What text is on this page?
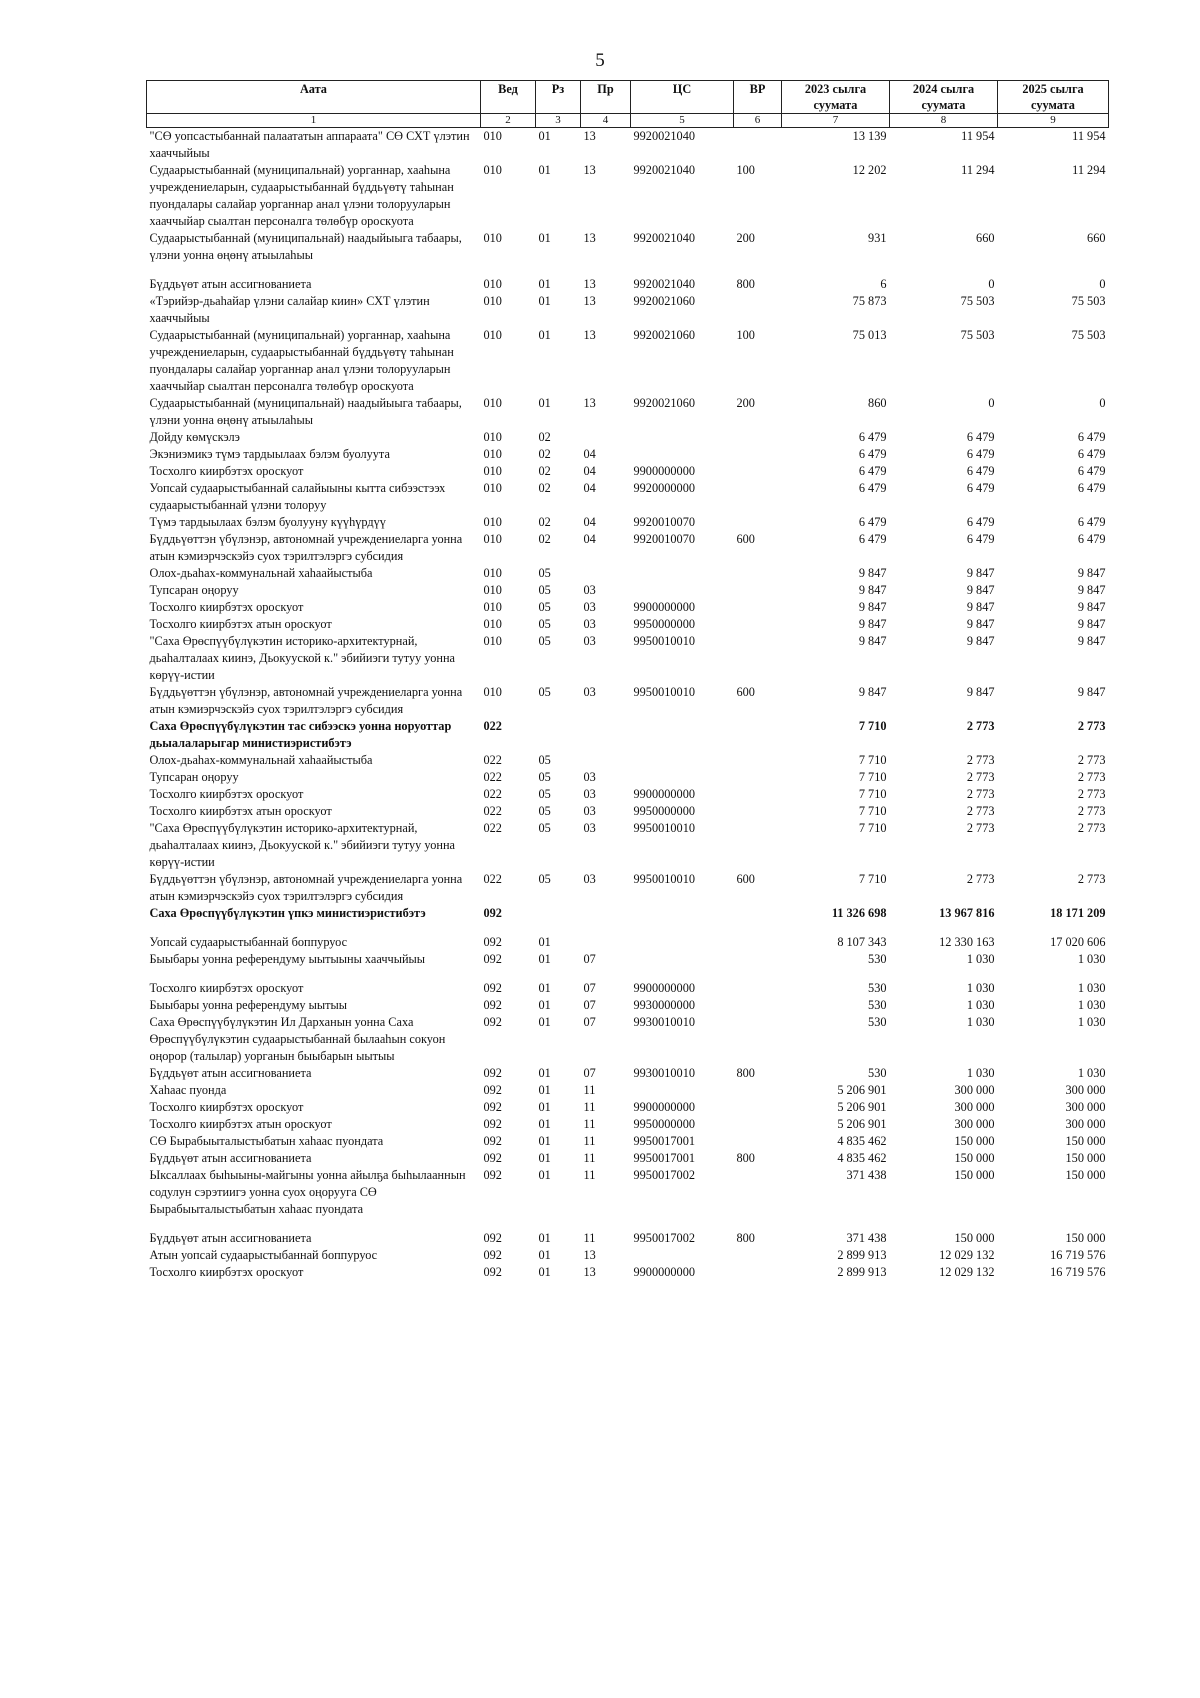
5
Аата	Вед	Рз	Пр	ЦС	ВР	2023 сылга суумата	2024 сылга суумата	2025 сылга суумата
1	2	3	4	5	6	7	8	9
"СӨ уопсастыбаннай палаататын аппараата" СӨ СХТ үлэтин хааччыйыы	010	01	13	9920021040		13 139	11 954	11 954
Судаарыстыбаннай (муниципальнай) уорганнар, хааһына учреждениеларын, судаарыстыбаннай бүддьүөтү таһынан пуондалары салайар уорганнар анал үлэни толорууларын хааччыйар сыалтан персоналга төлөбүр ороскуота	010	01	13	9920021040	100	12 202	11 294	11 294
Судаарыстыбаннай (муниципальнай) наадыйыыга табаары, үлэни уонна өңөнү атыылаһыы	010	01	13	9920021040	200	931	660	660
Бүддьүөт атын ассигнованиета	010	01	13	9920021040	800	6	0	0
«Тэрийэр-дьаһайар үлэни салайар киин» СХТ үлэтин хааччыйыы	010	01	13	9920021060		75 873	75 503	75 503
Судаарыстыбаннай (муниципальнай) уорганнар, хааһына учреждениеларын, судаарыстыбаннай бүддьүөтү таһынан пуондалары салайар уорганнар анал үлэни толорууларын хааччыйар сыалтан персоналга төлөбүр ороскуота	010	01	13	9920021060	100	75 013	75 503	75 503
Судаарыстыбаннай (муниципальнай) наадыйыыга табаары, үлэни уонна өңөнү атыылаһыы	010	01	13	9920021060	200	860	0	0
Дойду көмүскэлэ	010	02				6 479	6 479	6 479
Экэниэмикэ түмэ тардыылаах бэлэм буолуута	010	02	04			6 479	6 479	6 479
Тосхолго киирбэтэх ороскуот	010	02	04	9900000000		6 479	6 479	6 479
Уопсай судаарыстыбаннай салайыыны кытта сибээстээх судаарыстыбаннай үлэни толоруу	010	02	04	9920000000		6 479	6 479	6 479
Түмэ тардыылаах бэлэм буолууну күүһүрдүү	010	02	04	9920010070		6 479	6 479	6 479
Бүддьүөттэн үбүлэнэр, автономнай учреждениеларга уонна атын кэмиэрчэскэйэ суох тэрилтэлэргэ субсидия	010	02	04	9920010070	600	6 479	6 479	6 479
Олох-дьаһах-коммунальнай хаһаайыстыба	010	05				9 847	9 847	9 847
Тупсаран оңоруу	010	05	03			9 847	9 847	9 847
Тосхолго киирбэтэх ороскуот	010	05	03	9900000000		9 847	9 847	9 847
Тосхолго киирбэтэх атын ороскуот	010	05	03	9950000000		9 847	9 847	9 847
"Саха Өрөспүүбүлүкэтин историко-архитектурнай, дьаһалталаах киинэ, Дьокууской к." эбийиэги тутуу уонна көрүү-истии	010	05	03	9950010010		9 847	9 847	9 847
Бүддьүөттэн үбүлэнэр, автономнай учреждениеларга уонна атын кэмиэрчэскэйэ суох тэрилтэлэргэ субсидия	010	05	03	9950010010	600	9 847	9 847	9 847
Саха Өрөспүүбүлүкэтин тас сибээскэ уонна норуоттар дьыалаларыгар министиэристибэтэ	022					7 710	2 773	2 773
Олох-дьаһах-коммунальнай хаһаайыстыба	022	05				7 710	2 773	2 773
Тупсаран оңоруу	022	05	03			7 710	2 773	2 773
Тосхолго киирбэтэх ороскуот	022	05	03	9900000000		7 710	2 773	2 773
Тосхолго киирбэтэх атын ороскуот	022	05	03	9950000000		7 710	2 773	2 773
"Саха Өрөспүүбүлүкэтин историко-архитектурнай, дьаһалталаах киинэ, Дьокууской к." эбийиэги тутуу уонна көрүү-истии	022	05	03	9950010010		7 710	2 773	2 773
Бүддьүөттэн үбүлэнэр, автономнай учреждениеларга уонна атын кэмиэрчэскэйэ суох тэрилтэлэргэ субсидия	022	05	03	9950010010	600	7 710	2 773	2 773
Саха Өрөспүүбүлүкэтин үпкэ министиэристибэтэ	092					11 326 698	13 967 816	18 171 209
Уопсай судаарыстыбаннай боппуруос	092	01				8 107 343	12 330 163	17 020 606
Быыбары уонна референдуму ыытыыны хааччыйыы	092	01	07			530	1 030	1 030
Тосхолго киирбэтэх ороскуот	092	01	07	9900000000		530	1 030	1 030
Быыбары уонна референдуму ыытыы	092	01	07	9930000000		530	1 030	1 030
Саха Өрөспүүбүлүкэтин Ил Дарханын уонна Саха Өрөспүүбүлүкэтин судаарыстыбаннай былааһын сокуон оңорор (талылар) уорганын быыбарын ыытыы	092	01	07	9930010010		530	1 030	1 030
Бүддьүөт атын ассигнованиета	092	01	07	9930010010	800	530	1 030	1 030
Хаһаас пуонда	092	01	11			5 206 901	300 000	300 000
Тосхолго киирбэтэх ороскуот	092	01	11	9900000000		5 206 901	300 000	300 000
Тосхолго киирбэтэх атын ороскуот	092	01	11	9950000000		5 206 901	300 000	300 000
СӨ Бырабыыталыстыбатын хаһаас пуондата	092	01	11	9950017001		4 835 462	150 000	150 000
Бүддьүөт атын ассигнованиета	092	01	11	9950017001	800	4 835 462	150 000	150 000
Ыксаллаах быһыыны-майгыны уонна айылҕа быһылааннын содулун сэрэтиигэ уонна суох оңорууга СӨ Бырабыыталыстыбатын хаһаас пуондата	092	01	11	9950017002		371 438	150 000	150 000
Бүддьүөт атын ассигнованиета	092	01	11	9950017002	800	371 438	150 000	150 000
Атын уопсай судаарыстыбаннай боппуруос	092	01	13			2 899 913	12 029 132	16 719 576
Тосхолго киирбэтэх ороскуот	092	01	13	9900000000		2 899 913	12 029 132	16 719 576
